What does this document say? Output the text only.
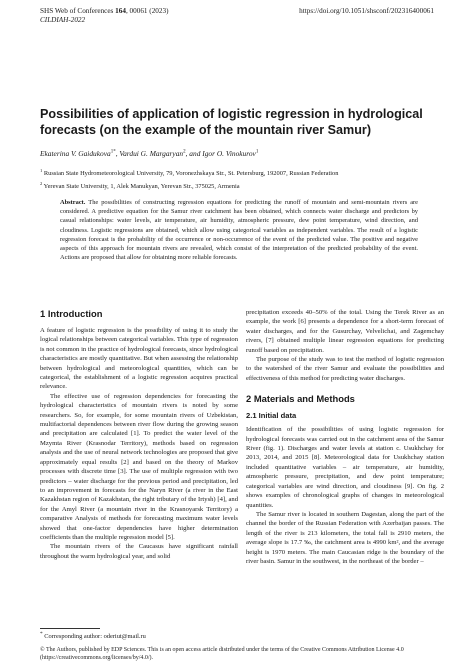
SHS Web of Conferences 164, 00061 (2023)
CILDIAH-2022
https://doi.org/10.1051/shsconf/202316400061
Possibilities of application of logistic regression in hydrological forecasts (on the example of the mountain river Samur)
Ekaterina V. Gaidukova$^{1*}$, Vardui G. Margaryan$^2$, and Igor O. Vinokurov$^1$
$^1$ Russian State Hydrometeorological University, 79, Voronezhskaya Str., St. Petersburg, 192007, Russian Federation
$^2$ Yerevan State University, 1, Alek Manukyan, Yerevan Str., 375025, Armenia
Abstract. The possibilities of constructing regression equations for predicting the runoff of mountain and semi-mountain rivers are considered. A predictive equation for the Samur river catchment has been obtained, which connects water discharge and predictors by casual relationships: water levels, air temperature, air humidity, atmospheric pressure, dew point temperature, wind direction, and cloudiness. Logistic regressions are obtained, which allow using categorical variables as independent variables. The result of a logistic regression forecast is the probability of the occurrence or non-occurrence of the event of the predicted value. The positive and negative aspects of this approach for mountain rivers are revealed, which consist of the interpretation of the predicted probability of the event. Actions are proposed that allow for obtaining more reliable forecasts.
1 Introduction

A feature of logistic regression is the possibility of using it to study the logical relationships between categorical variables. This type of regression is not common in the practice of hydrological forecasts, since hydrological characteristics are mostly quantitative. But when assessing the relationship between hydrological and meteorological quantities, which can be categorical, the establishment of a logistic regression acquires practical relevance.

The effective use of regression dependencies for forecasting the hydrological characteristics of mountain rivers is noted by some researchers. So, for example, for some mountain rivers of Uzbekistan, multifactorial dependences between river flow during the growing season and precipitation are calculated [1]. To predict the water level of the Mzymta River (Krasnodar Territory), methods based on regression analysis and the use of neural network technologies are proposed that give approximately equal results [2] and based on the theory of Markov processes with discrete time [3]. The use of multiple regression with two predictors – water discharge for the previous period and precipitation, led to an improvement in forecasts for the Naryn River (a river in the East Kazakhstan region of Kazakhstan, the right tributary of the Irtysh) [4], and for the Amyl River (a mountain river in the Krasnoyarsk Territory) a comparative Analysis of methods for forecasting maximum water levels showed that one-factor dependencies have higher determination coefficients than the multiple regression model [5].

The mountain rivers of the Caucasus have significant rainfall throughout the warm hydrological year, and solid

precipitation exceeds 40–50% of the total. Using the Terek River as an example, the work [6] presents a dependence for a short-term forecast of water discharges, and for the Gusurchay, Velvelichai, and Zagemchay rivers, [7] obtained multiple linear regression equations for predicting runoff based on precipitation.

The purpose of the study was to test the method of logistic regression to the watershed of the river Samur and evaluate the possibilities and effectiveness of this method for predicting water discharges.

2 Materials and Methods
2.1 Initial data

Identification of the possibilities of using logistic regression for hydrological forecasts was carried out in the catchment area of the Samur River (fig. 1). Discharges and water levels at station c. Usukhchay for 2013, 2014, and 2015 [8]. Meteorological data for Usukhchay station included quantitative variables – air temperature, air humidity, atmospheric pressure, precipitation, and dew point temperature; categorical variables are wind direction, and cloudiness [9]. On fig. 2 shows examples of chronological graphs of changes in meteorological quantities.

The Samur river is located in southern Dagestan, along the part of the channel the border of the Russian Federation with Azerbaijan passes. The length of the river is 213 kilometers, the total fall is 2910 meters, the average slope is 17.7 ‰, the catchment area is 4990 km², and the average height is 1970 meters. The main Caucasian ridge is the boundary of the river basin. Samur in the southwest, in the northeast of the border –

* Corresponding author: oderiut@mail.ru
© The Authors, published by EDP Sciences. This is an open access article distributed under the terms of the Creative Commons Attribution License 4.0 (https://creativecommons.org/licenses/by/4.0/).
